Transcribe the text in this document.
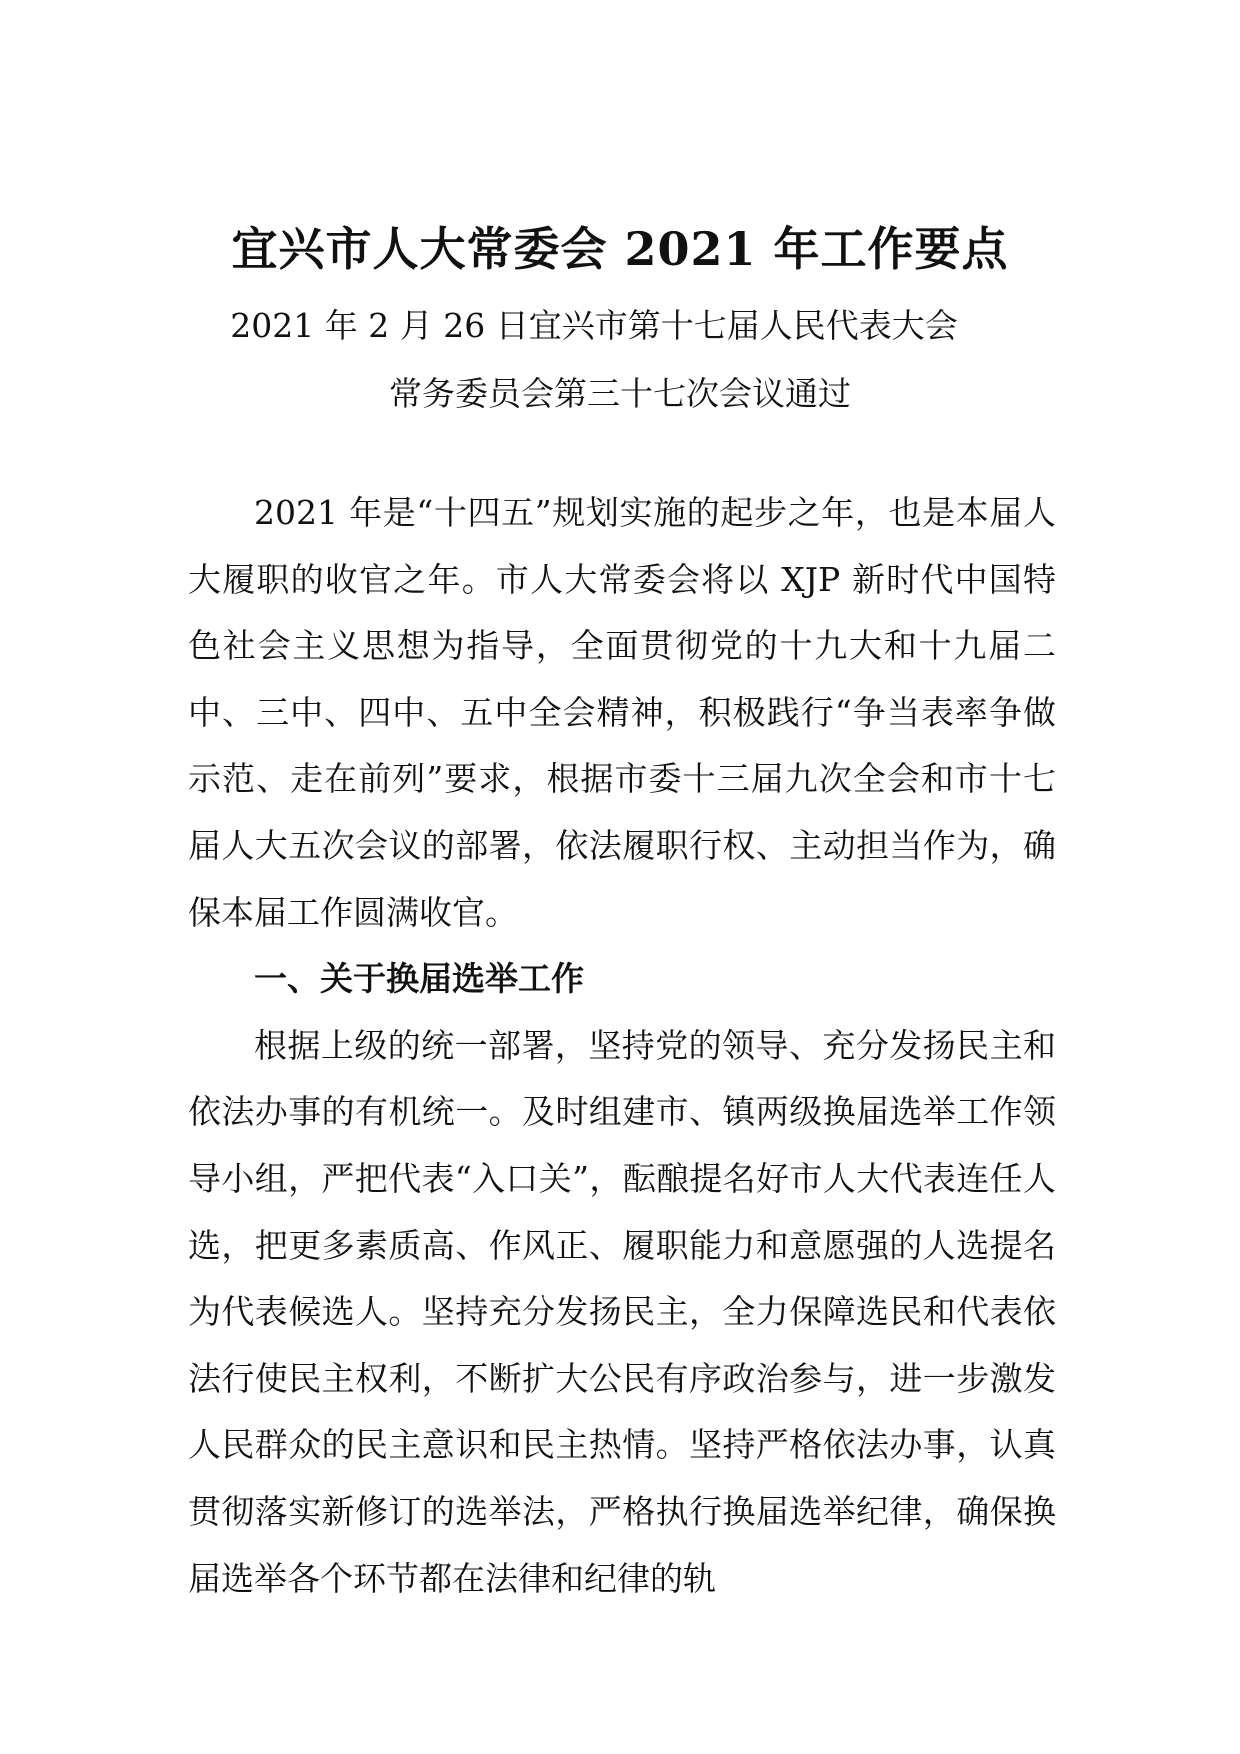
宜兴市人大常委会 2021 年工作要点
2021 年 2 月 26 日宜兴市第十七届人民代表大会
常务委员会第三十七次会议通过

2021 年是“十四五”规划实施的起步之年，也是本届人大履职的收官之年。市人大常委会将以 XJP 新时代中国特色社会主义思想为指导，全面贯彻党的十九大和十九届二中、三中、四中、五中全会精神，积极践行“争当表率争做示范、走在前列”要求，根据市委十三届九次全会和市十七届人大五次会议的部署，依法履职行权、主动担当作为，确保本届工作圆满收官。

一、关于换届选举工作

根据上级的统一部署，坚持党的领导、充分发扬民主和依法办事的有机统一。及时组建市、镇两级换届选举工作领导小组，严把代表“入口关”，酝酿提名好市人大代表连任人选，把更多素质高、作风正、履职能力和意愿强的人选提名为代表候选人。坚持充分发扬民主，全力保障选民和代表依法行使民主权利，不断扩大公民有序政治参与，进一步激发人民群众的民主意识和民主热情。坚持严格依法办事，认真贯彻落实新修订的选举法，严格执行换届选举纪律，确保换届选举各个环节都在法律和纪律的轨
